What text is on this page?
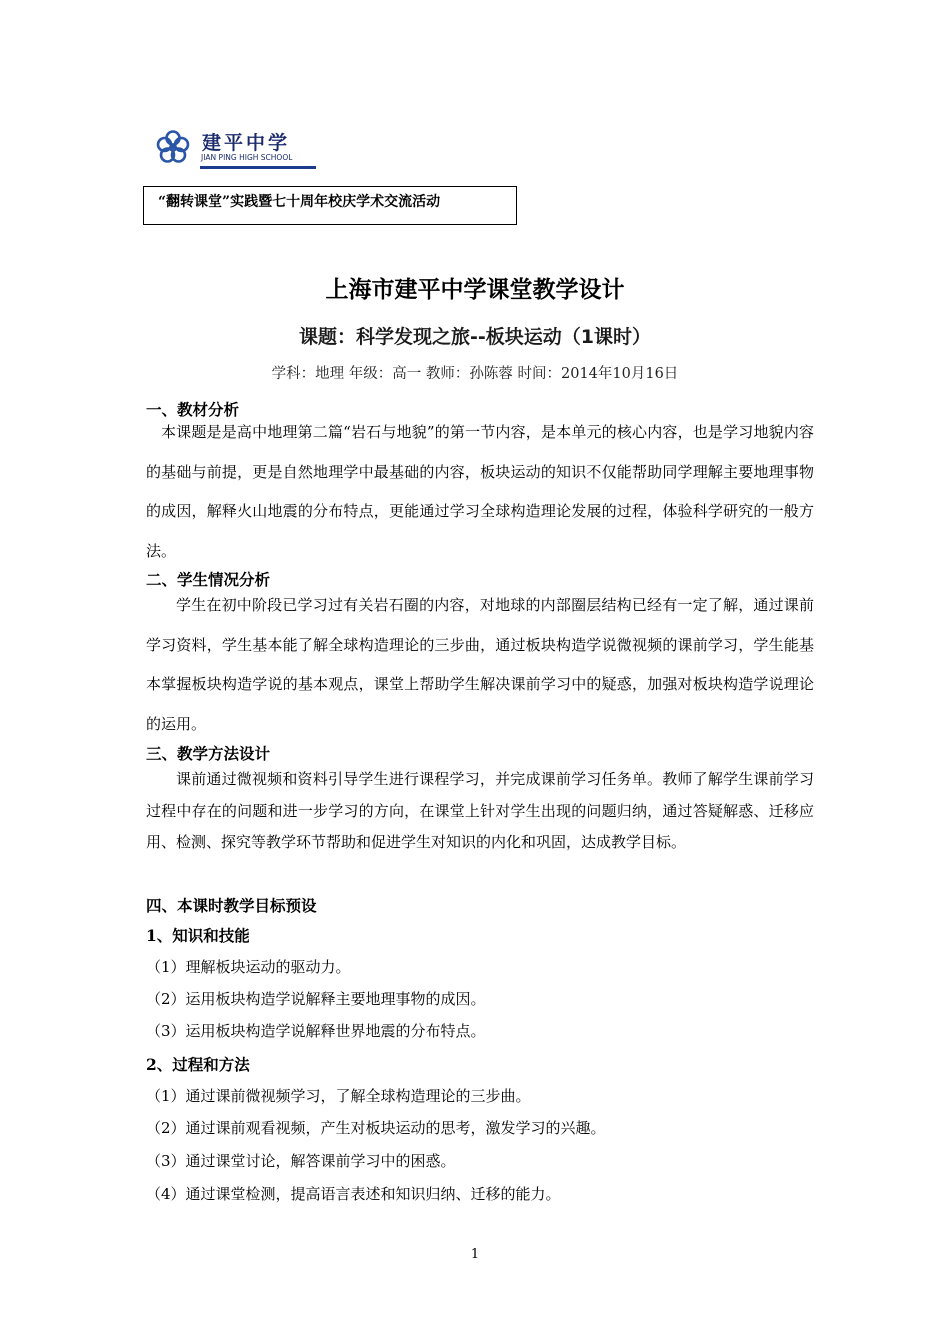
建平中学
JIAN PING HIGH SCHOOL
“翻转课堂”实践暨七十周年校庆学术交流活动
上海市建平中学课堂教学设计
课题：科学发现之旅--板块运动（1课时）
学科：地理 年级：高一 教师：孙陈蓉 时间：2014年10月16日
一、教材分析

本课题是是高中地理第二篇“岩石与地貌”的第一节内容，是本单元的核心内容，也是学习地貌内容的基础与前提，更是自然地理学中最基础的内容，板块运动的知识不仅能帮助同学理解主要地理事物的成因，解释火山地震的分布特点，更能通过学习全球构造理论发展的过程，体验科学研究的一般方法。

二、学生情况分析

学生在初中阶段已学习过有关岩石圈的内容，对地球的内部圈层结构已经有一定了解，通过课前学习资料，学生基本能了解全球构造理论的三步曲，通过板块构造学说微视频的课前学习，学生能基本掌握板块构造学说的基本观点，课堂上帮助学生解决课前学习中的疑惑，加强对板块构造学说理论的运用。

三、教学方法设计

课前通过微视频和资料引导学生进行课程学习，并完成课前学习任务单。教师了解学生课前学习过程中存在的问题和进一步学习的方向，在课堂上针对学生出现的问题归纳，通过答疑解惑、迁移应用、检测、探究等教学环节帮助和促进学生对知识的内化和巩固，达成教学目标。

四、本课时教学目标预设
1、知识和技能
（1）理解板块运动的驱动力。
（2）运用板块构造学说解释主要地理事物的成因。
（3）运用板块构造学说解释世界地震的分布特点。
2、过程和方法
（1）通过课前微视频学习，了解全球构造理论的三步曲。
（2）通过课前观看视频，产生对板块运动的思考，激发学习的兴趣。
（3）通过课堂讨论，解答课前学习中的困惑。
（4）通过课堂检测，提高语言表述和知识归纳、迁移的能力。
1
